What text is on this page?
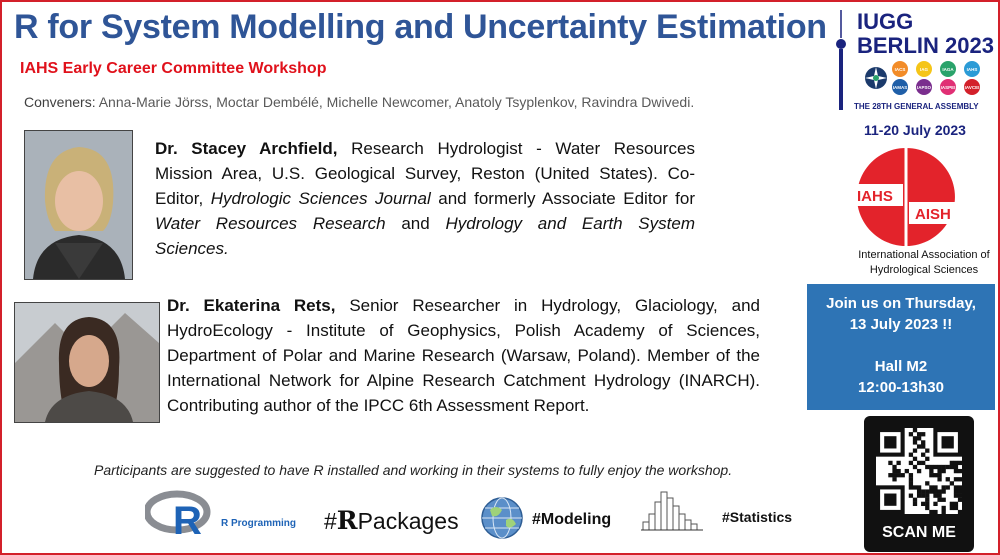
R for System Modelling and Uncertainty Estimation
IAHS Early Career Committee Workshop
Conveners: Anna-Marie Jörss, Moctar Dembélé, Michelle Newcomer, Anatoly Tsyplenkov, Ravindra Dwivedi.
Dr. Stacey Archfield, Research Hydrologist - Water Resources Mission Area, U.S. Geological Survey, Reston (United States). Co-Editor, Hydrologic Sciences Journal and formerly Associate Editor for Water Resources Research and Hydrology and Earth System Sciences.
Dr. Ekaterina Rets, Senior Researcher in Hydrology, Glaciology, and HydroEcology - Institute of Geophysics, Polish Academy of Sciences, Department of Polar and Marine Research (Warsaw, Poland). Member of the International Network for Alpine Research Catchment Hydrology (INARCH). Contributing author of the IPCC 6th Assessment Report.
Participants are suggested to have R installed and working in their systems to fully enjoy the workshop.
R R Programming #RPackages	#Modeling	#Statistics
IUGG
BERLIN 2023
IACS	IAG	IAGA	IAHS
IAMAS IAPSO IASPEI IAVCEI
THE 28TH GENERAL ASSEMBLY
11-20 July 2023
IAHS
AISH
International Association of Hydrological Sciences
Join us on Thursday,
13 July 2023 !!
Hall M2
12:00-13h30
SCAN ME
